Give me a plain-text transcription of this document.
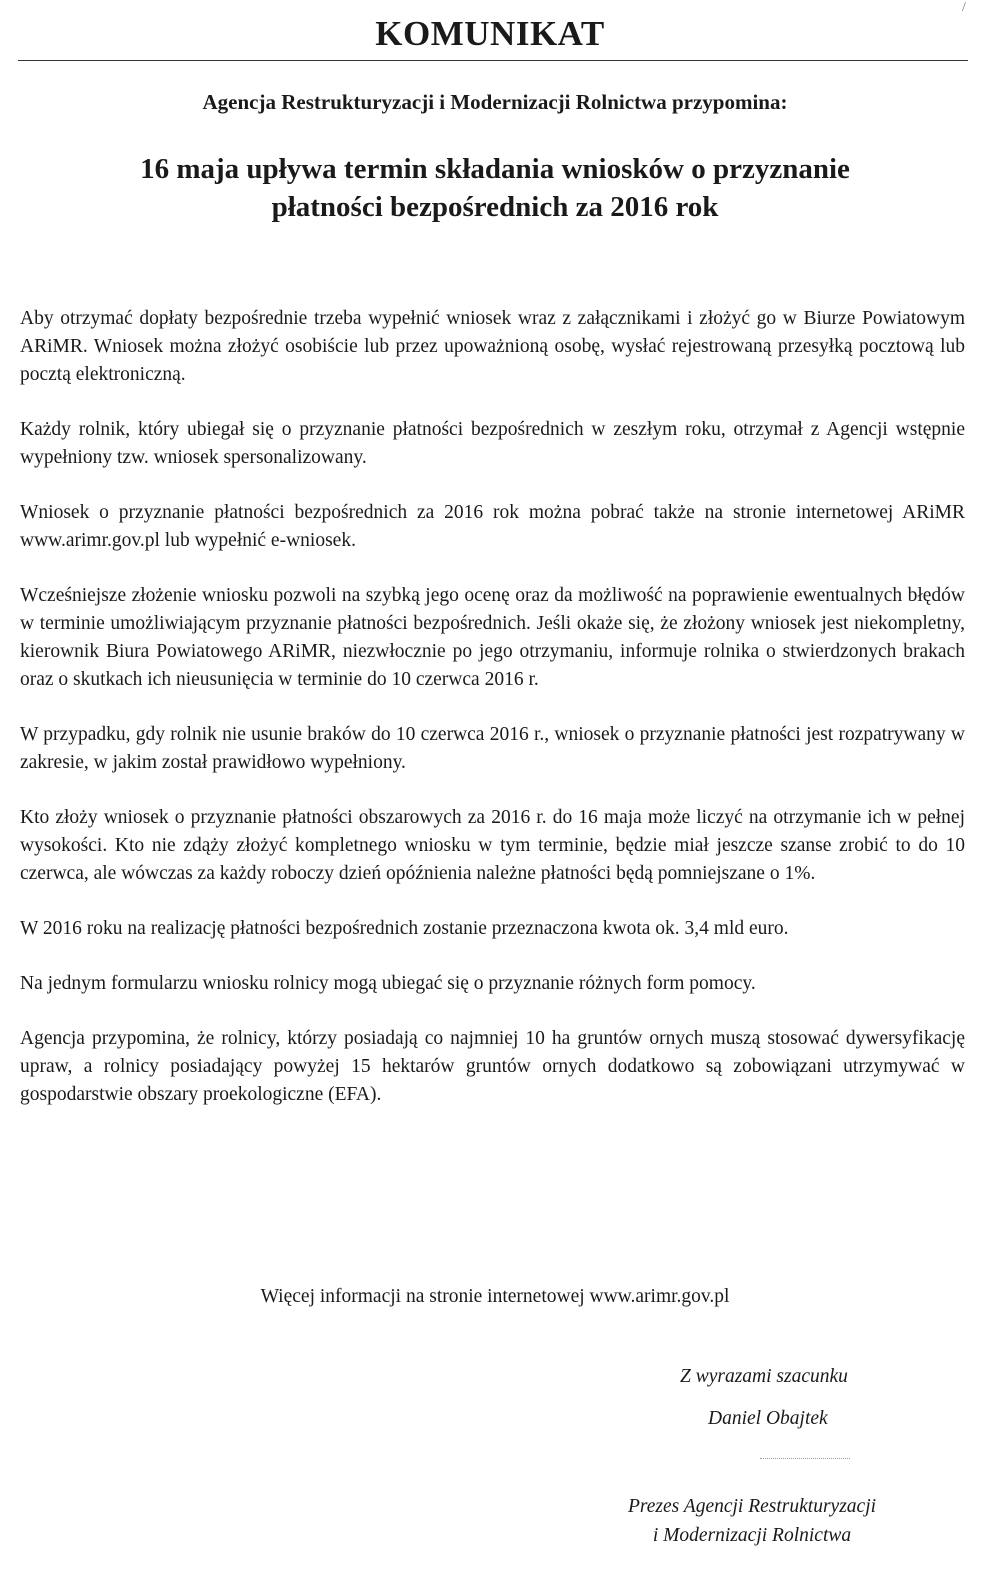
/
KOMUNIKAT

Agencja Restrukturyzacji i Modernizacji Rolnictwa przypomina:

16 maja upływa termin składania wniosków o przyznanie
płatności bezpośrednich za 2016 rok

Aby otrzymać dopłaty bezpośrednie trzeba wypełnić wniosek wraz z załącznikami i złożyć go w Biurze Powiatowym ARiMR. Wniosek można złożyć osobiście lub przez upoważnioną osobę, wysłać rejestrowaną przesyłką pocztową lub pocztą elektroniczną.

Każdy rolnik, który ubiegał się o przyznanie płatności bezpośrednich w zeszłym roku, otrzymał z Agencji wstępnie wypełniony tzw. wniosek spersonalizowany.

Wniosek o przyznanie płatności bezpośrednich za 2016 rok można pobrać także na stronie internetowej ARiMR www.arimr.gov.pl lub wypełnić e-wniosek.

Wcześniejsze złożenie wniosku pozwoli na szybką jego ocenę oraz da możliwość na poprawienie ewentualnych błędów w terminie umożliwiającym przyznanie płatności bezpośrednich. Jeśli okaże się, że złożony wniosek jest niekompletny, kierownik Biura Powiatowego ARiMR, niezwłocznie po jego otrzymaniu, informuje rolnika o stwierdzonych brakach oraz o skutkach ich nieusunięcia w terminie do 10 czerwca 2016 r.

W przypadku, gdy rolnik nie usunie braków do 10 czerwca 2016 r., wniosek o przyznanie płatności jest rozpatrywany w zakresie, w jakim został prawidłowo wypełniony.

Kto złoży wniosek o przyznanie płatności obszarowych za 2016 r. do 16 maja może liczyć na otrzymanie ich w pełnej wysokości. Kto nie zdąży złożyć kompletnego wniosku w tym terminie, będzie miał jeszcze szanse zrobić to do 10 czerwca, ale wówczas za każdy roboczy dzień opóźnienia należne płatności będą pomniejszane o 1%.

W 2016 roku na realizację płatności bezpośrednich zostanie przeznaczona kwota ok. 3,4 mld euro.

Na jednym formularzu wniosku rolnicy mogą ubiegać się o przyznanie różnych form pomocy.

Agencja przypomina, że rolnicy, którzy posiadają co najmniej 10 ha gruntów ornych muszą stosować dywersyfikację upraw, a rolnicy posiadający powyżej 15 hektarów gruntów ornych dodatkowo są zobowiązani utrzymywać w gospodarstwie obszary proekologiczne (EFA).

Więcej informacji na stronie internetowej www.arimr.gov.pl

Z wyrazami szacunku

Daniel Obajtek

Prezes Agencji Restrukturyzacji
i Modernizacji Rolnictwa
